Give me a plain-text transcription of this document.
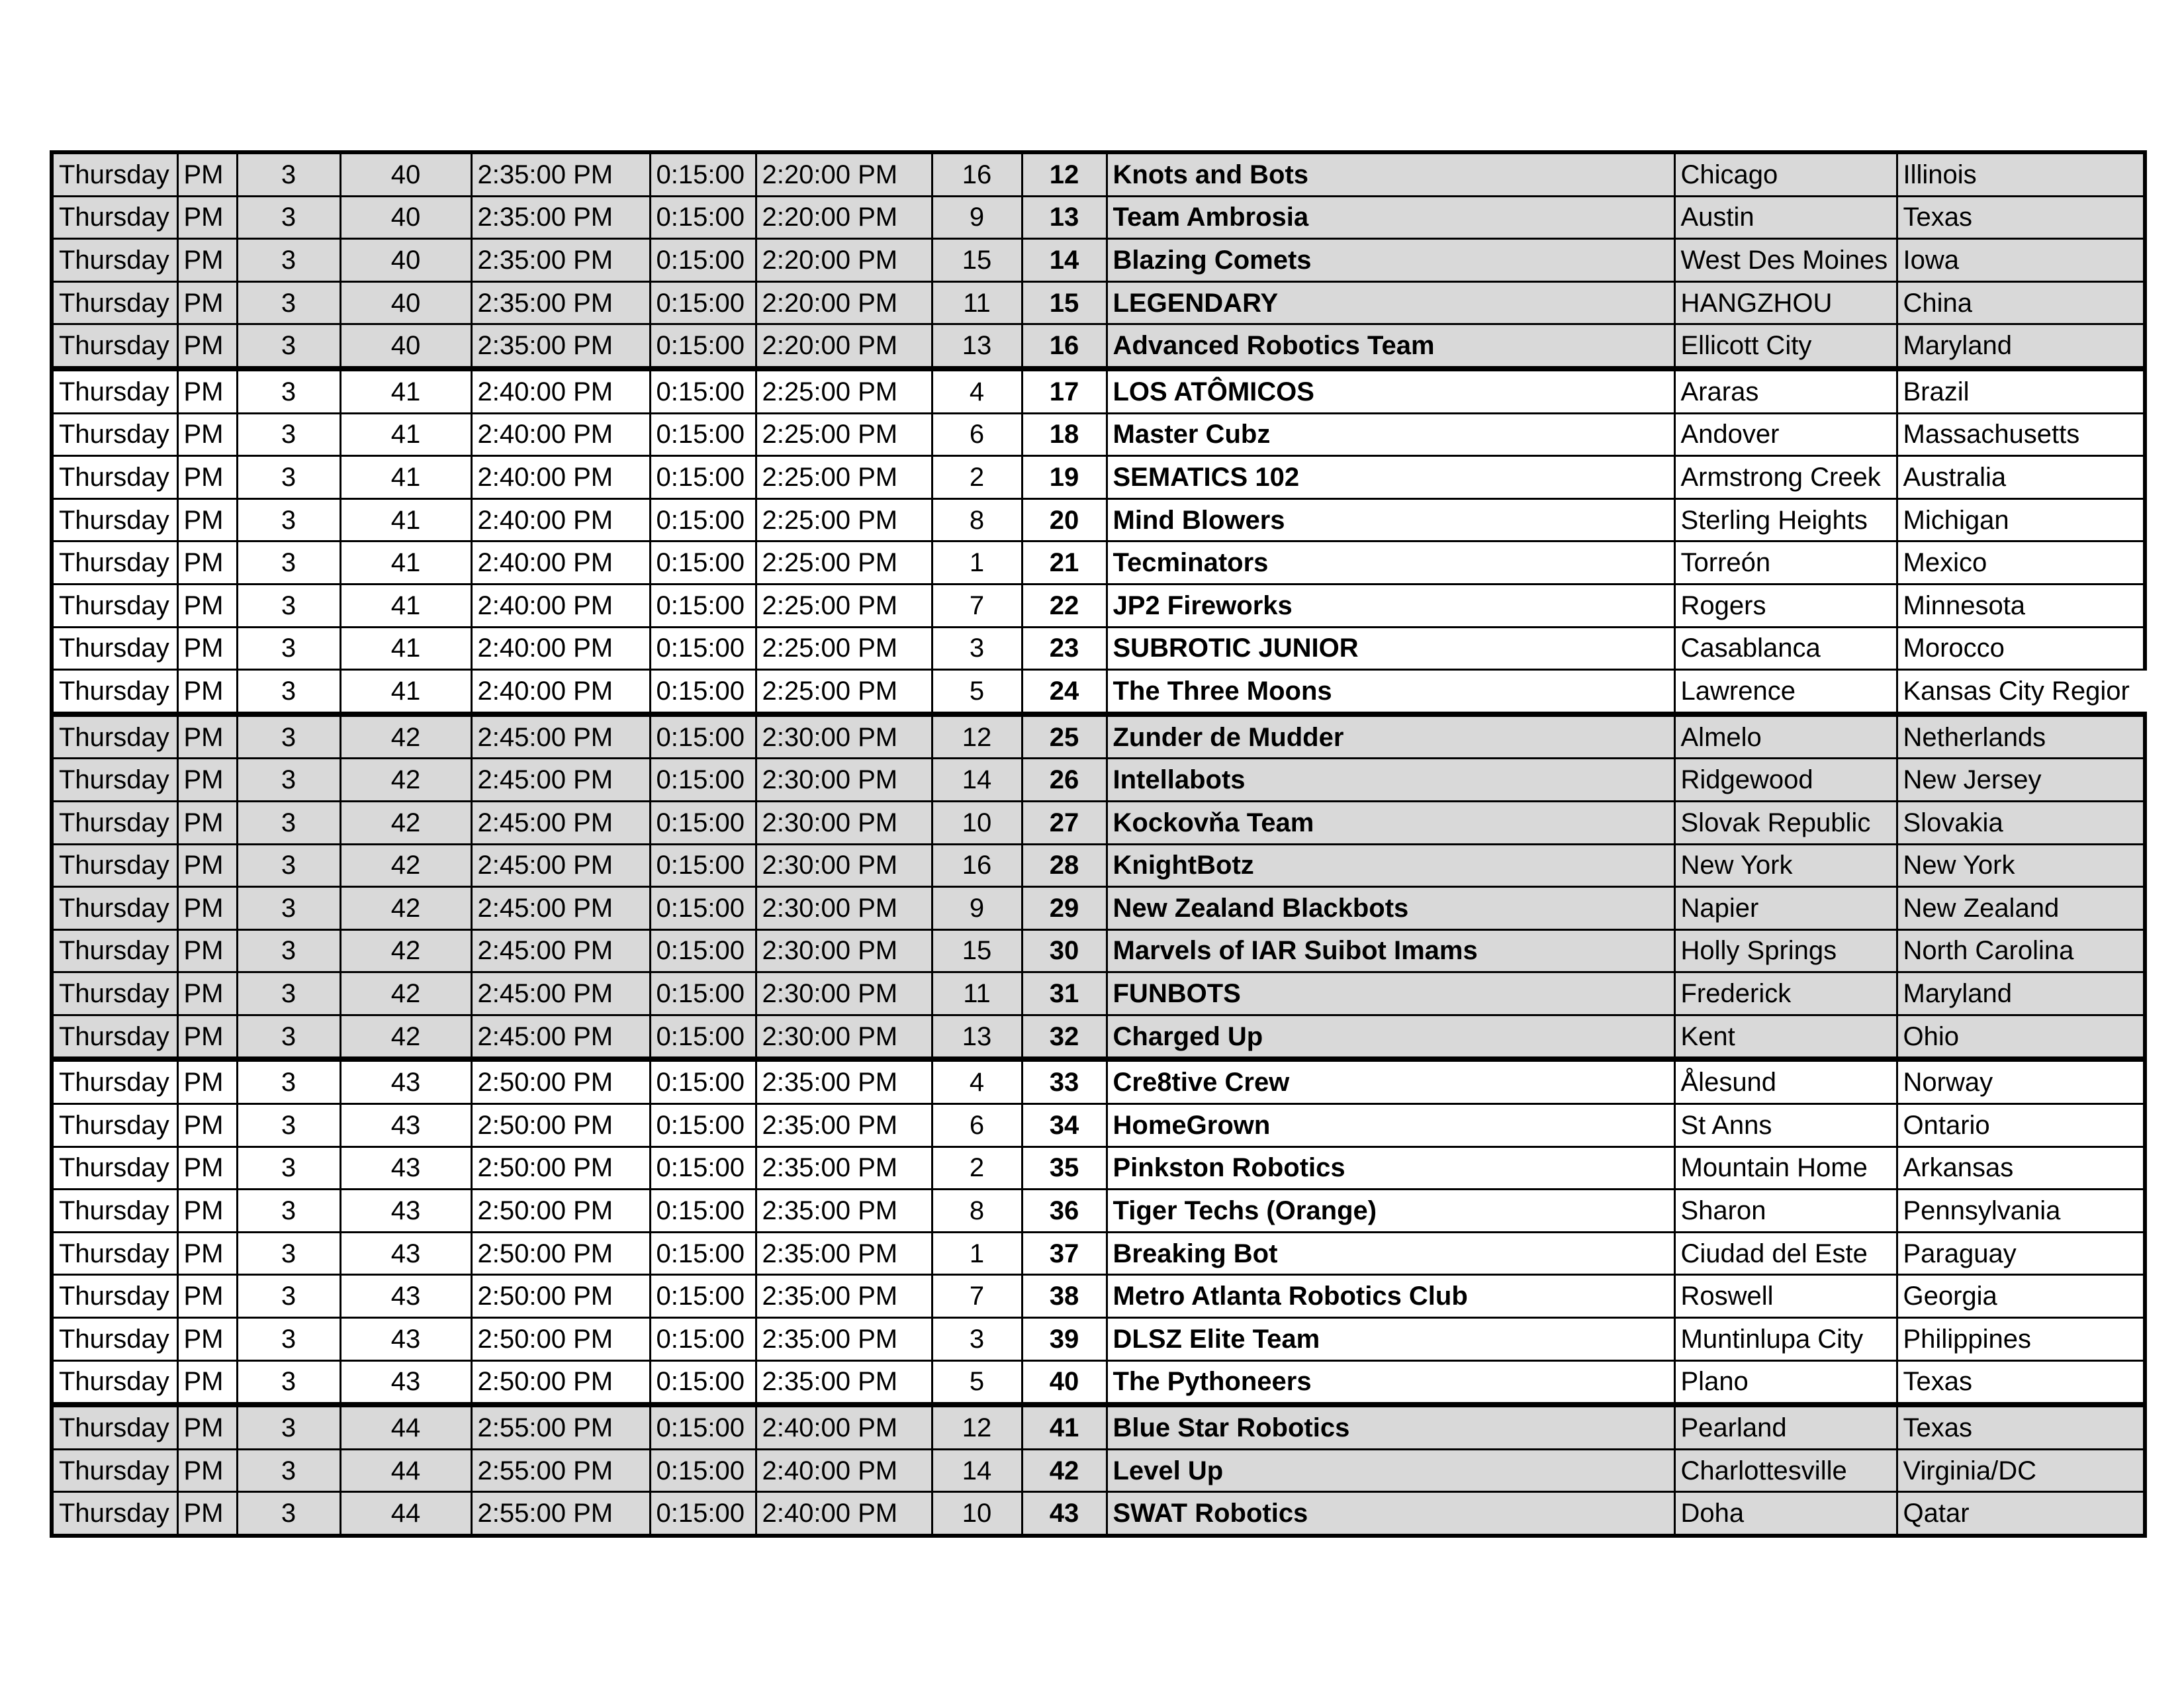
Thursday	PM	3	40	2:35:00 PM	0:15:00	2:20:00 PM	16	12	Knots and Bots	Chicago	Illinois
Thursday	PM	3	40	2:35:00 PM	0:15:00	2:20:00 PM	9	13	Team Ambrosia	Austin	Texas
Thursday	PM	3	40	2:35:00 PM	0:15:00	2:20:00 PM	15	14	Blazing Comets	West Des Moines	Iowa
Thursday	PM	3	40	2:35:00 PM	0:15:00	2:20:00 PM	11	15	LEGENDARY	HANGZHOU	China
Thursday	PM	3	40	2:35:00 PM	0:15:00	2:20:00 PM	13	16	Advanced Robotics Team	Ellicott City	Maryland
Thursday	PM	3	41	2:40:00 PM	0:15:00	2:25:00 PM	4	17	LOS ATÔMICOS	Araras	Brazil
Thursday	PM	3	41	2:40:00 PM	0:15:00	2:25:00 PM	6	18	Master Cubz	Andover	Massachusetts
Thursday	PM	3	41	2:40:00 PM	0:15:00	2:25:00 PM	2	19	SEMATICS 102	Armstrong Creek	Australia
Thursday	PM	3	41	2:40:00 PM	0:15:00	2:25:00 PM	8	20	Mind Blowers	Sterling Heights	Michigan
Thursday	PM	3	41	2:40:00 PM	0:15:00	2:25:00 PM	1	21	Tecminators	Torreón	Mexico
Thursday	PM	3	41	2:40:00 PM	0:15:00	2:25:00 PM	7	22	JP2 Fireworks	Rogers	Minnesota
Thursday	PM	3	41	2:40:00 PM	0:15:00	2:25:00 PM	3	23	SUBROTIC JUNIOR	Casablanca	Morocco
Thursday	PM	3	41	2:40:00 PM	0:15:00	2:25:00 PM	5	24	The Three Moons	Lawrence	Kansas City Regior
Thursday	PM	3	42	2:45:00 PM	0:15:00	2:30:00 PM	12	25	Zunder de Mudder	Almelo	Netherlands
Thursday	PM	3	42	2:45:00 PM	0:15:00	2:30:00 PM	14	26	Intellabots	Ridgewood	New Jersey
Thursday	PM	3	42	2:45:00 PM	0:15:00	2:30:00 PM	10	27	Kockovňa Team	Slovak Republic	Slovakia
Thursday	PM	3	42	2:45:00 PM	0:15:00	2:30:00 PM	16	28	KnightBotz	New York	New York
Thursday	PM	3	42	2:45:00 PM	0:15:00	2:30:00 PM	9	29	New Zealand Blackbots	Napier	New Zealand
Thursday	PM	3	42	2:45:00 PM	0:15:00	2:30:00 PM	15	30	Marvels of IAR Suibot Imams	Holly Springs	North Carolina
Thursday	PM	3	42	2:45:00 PM	0:15:00	2:30:00 PM	11	31	FUNBOTS	Frederick	Maryland
Thursday	PM	3	42	2:45:00 PM	0:15:00	2:30:00 PM	13	32	Charged Up	Kent	Ohio
Thursday	PM	3	43	2:50:00 PM	0:15:00	2:35:00 PM	4	33	Cre8tive Crew	Ålesund	Norway
Thursday	PM	3	43	2:50:00 PM	0:15:00	2:35:00 PM	6	34	HomeGrown	St Anns	Ontario
Thursday	PM	3	43	2:50:00 PM	0:15:00	2:35:00 PM	2	35	Pinkston Robotics	Mountain Home	Arkansas
Thursday	PM	3	43	2:50:00 PM	0:15:00	2:35:00 PM	8	36	Tiger Techs (Orange)	Sharon	Pennsylvania
Thursday	PM	3	43	2:50:00 PM	0:15:00	2:35:00 PM	1	37	Breaking Bot	Ciudad del Este	Paraguay
Thursday	PM	3	43	2:50:00 PM	0:15:00	2:35:00 PM	7	38	Metro Atlanta Robotics Club	Roswell	Georgia
Thursday	PM	3	43	2:50:00 PM	0:15:00	2:35:00 PM	3	39	DLSZ Elite Team	Muntinlupa City	Philippines
Thursday	PM	3	43	2:50:00 PM	0:15:00	2:35:00 PM	5	40	The Pythoneers	Plano	Texas
Thursday	PM	3	44	2:55:00 PM	0:15:00	2:40:00 PM	12	41	Blue Star Robotics	Pearland	Texas
Thursday	PM	3	44	2:55:00 PM	0:15:00	2:40:00 PM	14	42	Level Up	Charlottesville	Virginia/DC
Thursday	PM	3	44	2:55:00 PM	0:15:00	2:40:00 PM	10	43	SWAT Robotics	Doha	Qatar
